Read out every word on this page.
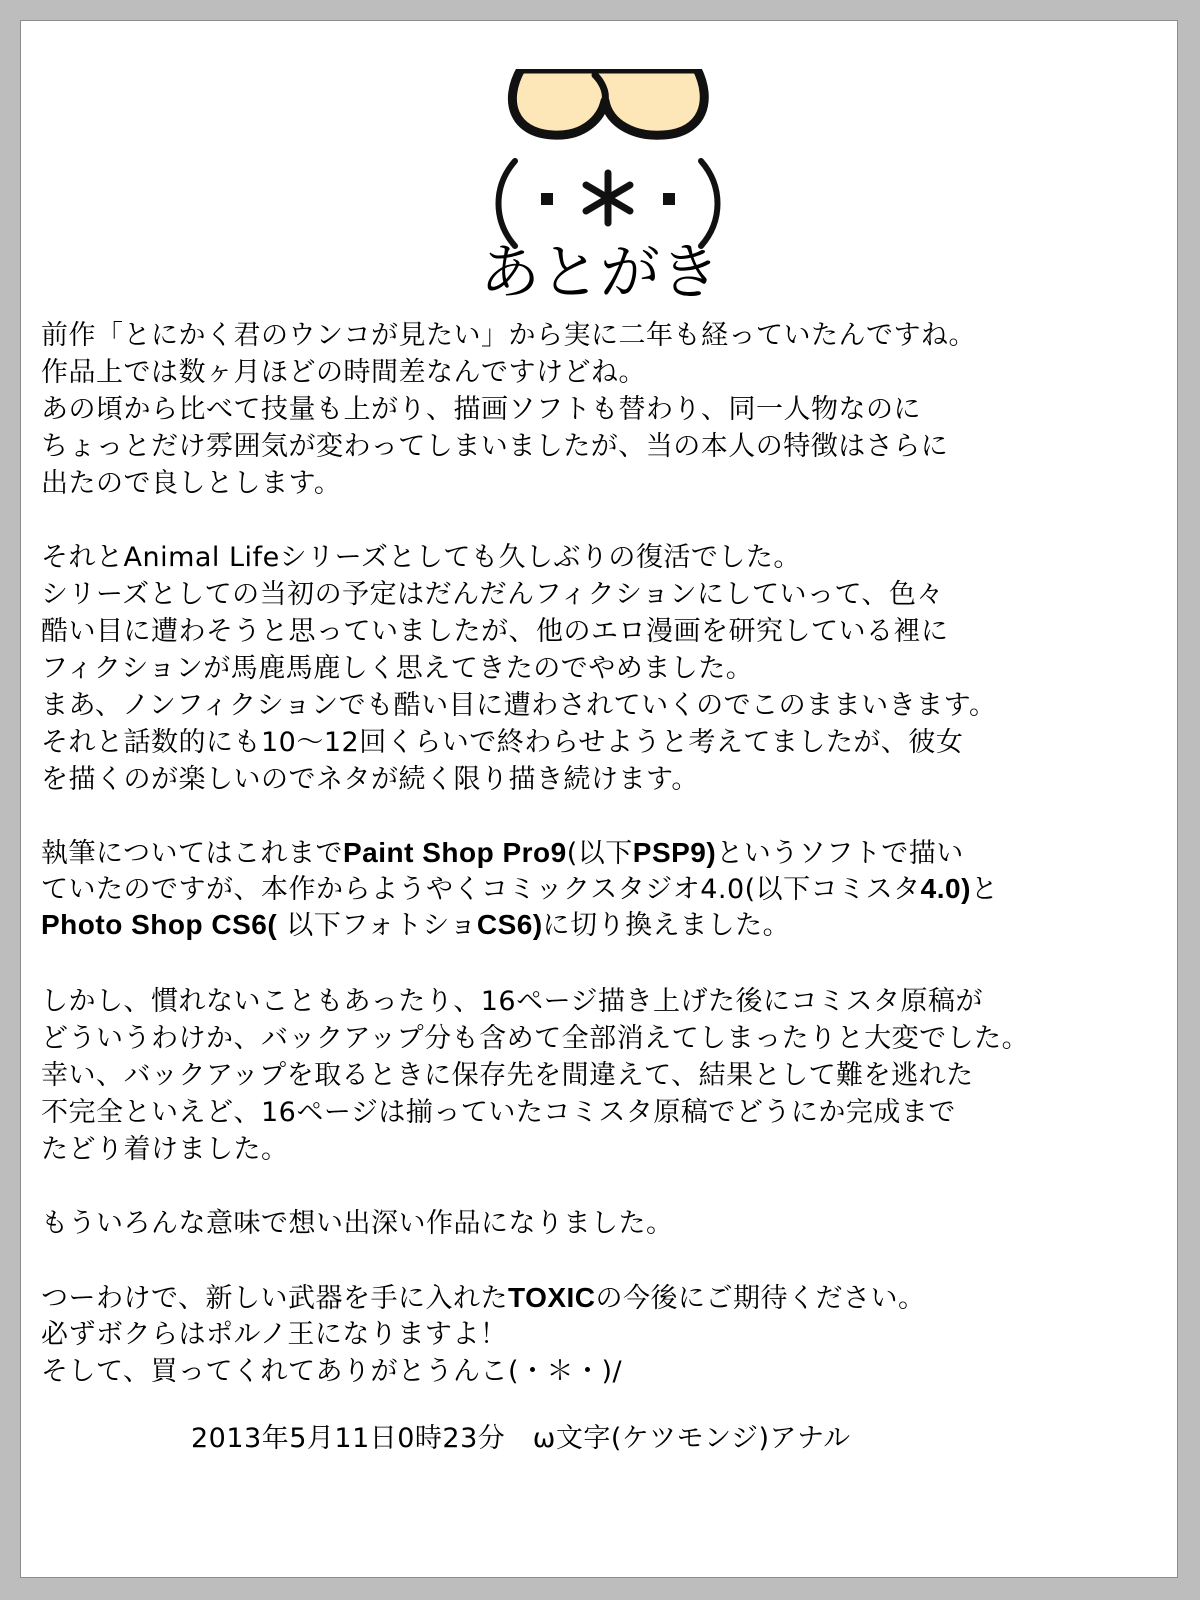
あとがき
前作「とにかく君のウンコが見たい」から実に二年も経っていたんですね。
作品上では数ヶ月ほどの時間差なんですけどね。
あの頃から比べて技量も上がり、描画ソフトも替わり、同一人物なのに
ちょっとだけ雰囲気が変わってしまいましたが、当の本人の特徴はさらに
出たので良しとします。
それとAnimal Lifeシリーズとしても久しぶりの復活でした。
シリーズとしての当初の予定はだんだんフィクションにしていって、色々
酷い目に遭わそうと思っていましたが、他のエロ漫画を研究している裡に
フィクションが馬鹿馬鹿しく思えてきたのでやめました。
まあ、ノンフィクションでも酷い目に遭わされていくのでこのままいきます。
それと話数的にも10～12回くらいで終わらせようと考えてましたが、彼女
を描くのが楽しいのでネタが続く限り描き続けます。
執筆についてはこれまでPaint Shop Pro9(以下PSP9)というソフトで描い
ていたのですが、本作からようやくコミックスタジオ4.0(以下コミスタ4.0)と
Photo Shop CS6( 以下フォトショCS6)に切り換えました。
しかし、慣れないこともあったり、16ページ描き上げた後にコミスタ原稿が
どういうわけか、バックアップ分も含めて全部消えてしまったりと大変でした。
幸い、バックアップを取るときに保存先を間違えて、結果として難を逃れた
不完全といえど、16ページは揃っていたコミスタ原稿でどうにか完成まで
たどり着けました。
もういろんな意味で想い出深い作品になりました。
つーわけで、新しい武器を手に入れたTOXICの今後にご期待ください。
必ずボクらはポルノ王になりますよ！
そして、買ってくれてありがとうんこ(・＊・)/
2013年5月11日0時23分　ω文字(ケツモンジ)アナル
